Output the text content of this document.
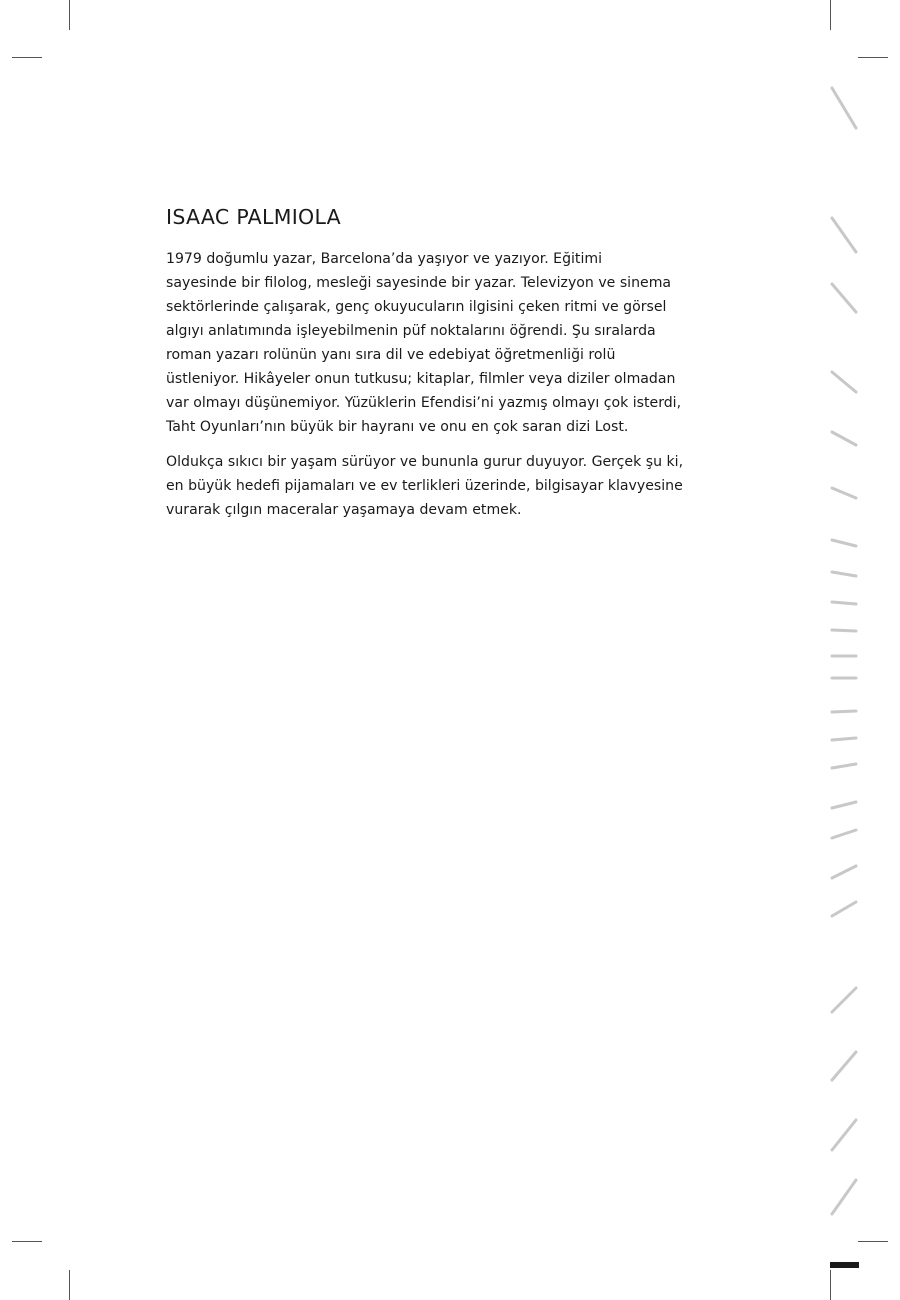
ISAAC PALMIOLA

1979 doğumlu yazar, Barcelona’da yaşıyor ve yazıyor. Eğitimi
sayesinde bir filolog, mesleği sayesinde bir yazar. Televizyon ve sinema
sektörlerinde çalışarak, genç okuyucuların ilgisini çeken ritmi ve görsel
algıyı anlatımında işleyebilmenin püf noktalarını öğrendi. Şu sıralarda
roman yazarı rolünün yanı sıra dil ve edebiyat öğretmenliği rolü
üstleniyor. Hikâyeler onun tutkusu; kitaplar, filmler veya diziler olmadan
var olmayı düşünemiyor. Yüzüklerin Efendisi’ni yazmış olmayı çok isterdi,
Taht Oyunları’nın büyük bir hayranı ve onu en çok saran dizi Lost.

Oldukça sıkıcı bir yaşam sürüyor ve bununla gurur duyuyor. Gerçek şu ki,
en büyük hedefi pijamaları ve ev terlikleri üzerinde, bilgisayar klavyesine
vurarak çılgın maceralar yaşamaya devam etmek.
